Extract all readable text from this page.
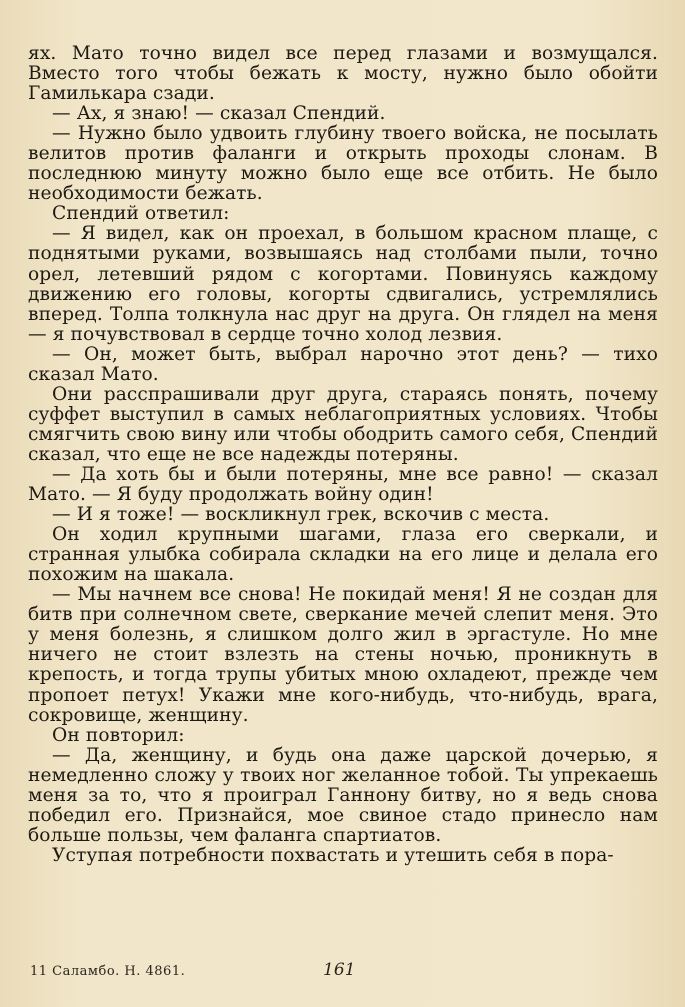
ях. Мато точно видел все перед глазами и возмущался. Вместо того чтобы бежать к мосту, нужно было обойти Гамилькара сзади.

— Ах, я знаю! — сказал Спендий.

— Нужно было удвоить глубину твоего войска, не посылать велитов против фаланги и открыть проходы слонам. В последнюю минуту можно было еще все отбить. Не было необходимости бежать.

Спендий ответил:

— Я видел, как он проехал, в большом красном плаще, с поднятыми руками, возвышаясь над столбами пыли, точно орел, летевший рядом с когортами. Повинуясь каждому движению его головы, когорты сдвигались, устремлялись вперед. Толпа толкнула нас друг на друга. Он глядел на меня — я почувствовал в сердце точно холод лезвия.

— Он, может быть, выбрал нарочно этот день? — тихо сказал Мато.

Они расспрашивали друг друга, стараясь понять, почему суффет выступил в самых неблагоприятных условиях. Чтобы смягчить свою вину или чтобы ободрить самого себя, Спендий сказал, что еще не все надежды потеряны.

— Да хоть бы и были потеряны, мне все равно! — сказал Мато. — Я буду продолжать войну один!

— И я тоже! — воскликнул грек, вскочив с места.

Он ходил крупными шагами, глаза его сверкали, и странная улыбка собирала складки на его лице и делала его похожим на шакала.

— Мы начнем все снова! Не покидай меня! Я не создан для битв при солнечном свете, сверкание мечей слепит меня. Это у меня болезнь, я слишком долго жил в эргастуле. Но мне ничего не стоит взлезть на стены ночью, проникнуть в крепость, и тогда трупы убитых мною охладеют, прежде чем пропоет петух! Укажи мне кого-нибудь, что-нибудь, врага, сокровище, женщину.

Он повторил:

— Да, женщину, и будь она даже царской дочерью, я немедленно сложу у твоих ног желанное тобой. Ты упрекаешь меня за то, что я проиграл Ганнону битву, но я ведь снова победил его. Признайся, мое свиное стадо принесло нам больше пользы, чем фаланга спартиатов.

Уступая потребности похвастать и утешить себя в пора-

11 Саламбо. Н. 4861.	161
